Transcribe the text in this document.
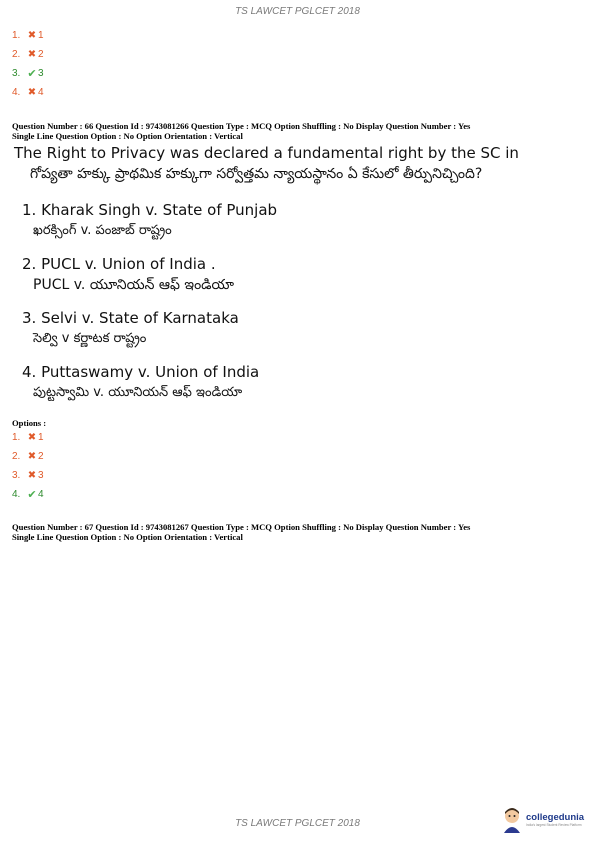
TS LAWCET PGLCET 2018
1. ✖ 1
2. ✖ 2
3. ✔ 3
4. ✖ 4
Question Number : 66 Question Id : 9743081266 Question Type : MCQ Option Shuffling : No Display Question Number : Yes
Single Line Question Option : No Option Orientation : Vertical
The Right to Privacy was declared a fundamental right by the SC in
గోప్యతా హక్కు ప్రాథమిక హక్కుగా సర్వోత్తమ న్యాయస్థానం ఏ కేసులో తీర్పునిచ్చింది?
1. Kharak Singh v. State of Punjab
ఖరక్సింగ్ v. పంజాబ్ రాష్ట్రం
2. PUCL v. Union of India .
PUCL v. యూనియన్ ఆఫ్ ఇండియా
3. Selvi v. State of Karnataka
సెల్వి v కర్ణాటక రాష్ట్రం
4. Puttaswamy v. Union of India
పుట్టస్వామి v. యూనియన్ ఆఫ్ ఇండియా
Options :
1. ✖ 1
2. ✖ 2
3. ✖ 3
4. ✔ 4
Question Number : 67 Question Id : 9743081267 Question Type : MCQ Option Shuffling : No Display Question Number : Yes
Single Line Question Option : No Option Orientation : Vertical
TS LAWCET PGLCET 2018
collegedunia
India's largest Student Review Platform
